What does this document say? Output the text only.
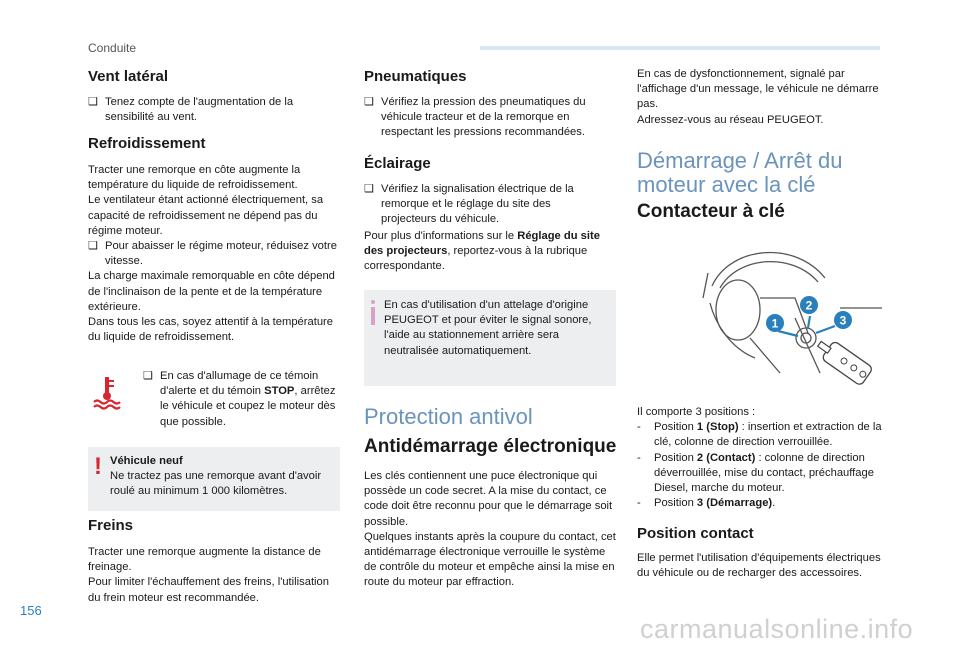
Conduite
Vent latéral
❑ Tenez compte de l'augmentation de la sensibilité au vent.
Refroidissement
Tracter une remorque en côte augmente la température du liquide de refroidissement.
Le ventilateur étant actionné électriquement, sa capacité de refroidissement ne dépend pas du régime moteur.
❑ Pour abaisser le régime moteur, réduisez votre vitesse.
La charge maximale remorquable en côte dépend de l'inclinaison de la pente et de la température extérieure.
Dans tous les cas, soyez attentif à la température du liquide de refroidissement.
❑ En cas d'allumage de ce témoin d'alerte et du témoin STOP, arrêtez le véhicule et coupez le moteur dès que possible.
! Véhicule neuf
Ne tractez pas une remorque avant d'avoir roulé au minimum 1 000 kilomètres.
Freins
Tracter une remorque augmente la distance de freinage.
Pour limiter l'échauffement des freins, l'utilisation du frein moteur est recommandée.
Pneumatiques
❑ Vérifiez la pression des pneumatiques du véhicule tracteur et de la remorque en respectant les pressions recommandées.
Éclairage
❑ Vérifiez la signalisation électrique de la remorque et le réglage du site des projecteurs du véhicule.
Pour plus d'informations sur le Réglage du site des projecteurs, reportez-vous à la rubrique correspondante.
En cas d'utilisation d'un attelage d'origine PEUGEOT et pour éviter le signal sonore, l'aide au stationnement arrière sera neutralisée automatiquement.
Protection antivol
Antidémarrage électronique
Les clés contiennent une puce électronique qui possède un code secret. A la mise du contact, ce code doit être reconnu pour que le démarrage soit possible.
Quelques instants après la coupure du contact, cet antidémarrage électronique verrouille le système de contrôle du moteur et empêche ainsi la mise en route du moteur par effraction.
En cas de dysfonctionnement, signalé par l'affichage d'un message, le véhicule ne démarre pas.
Adressez-vous au réseau PEUGEOT.
Démarrage / Arrêt du
moteur avec la clé
Contacteur à clé
1
2
3
Il comporte 3 positions :
- Position 1 (Stop) : insertion et extraction de la clé, colonne de direction verrouillée.
- Position 2 (Contact) : colonne de direction déverrouillée, mise du contact, préchauffage Diesel, marche du moteur.
- Position 3 (Démarrage).
Position contact
Elle permet l'utilisation d'équipements électriques du véhicule ou de recharger des accessoires.
156
carmanualsonline.info
